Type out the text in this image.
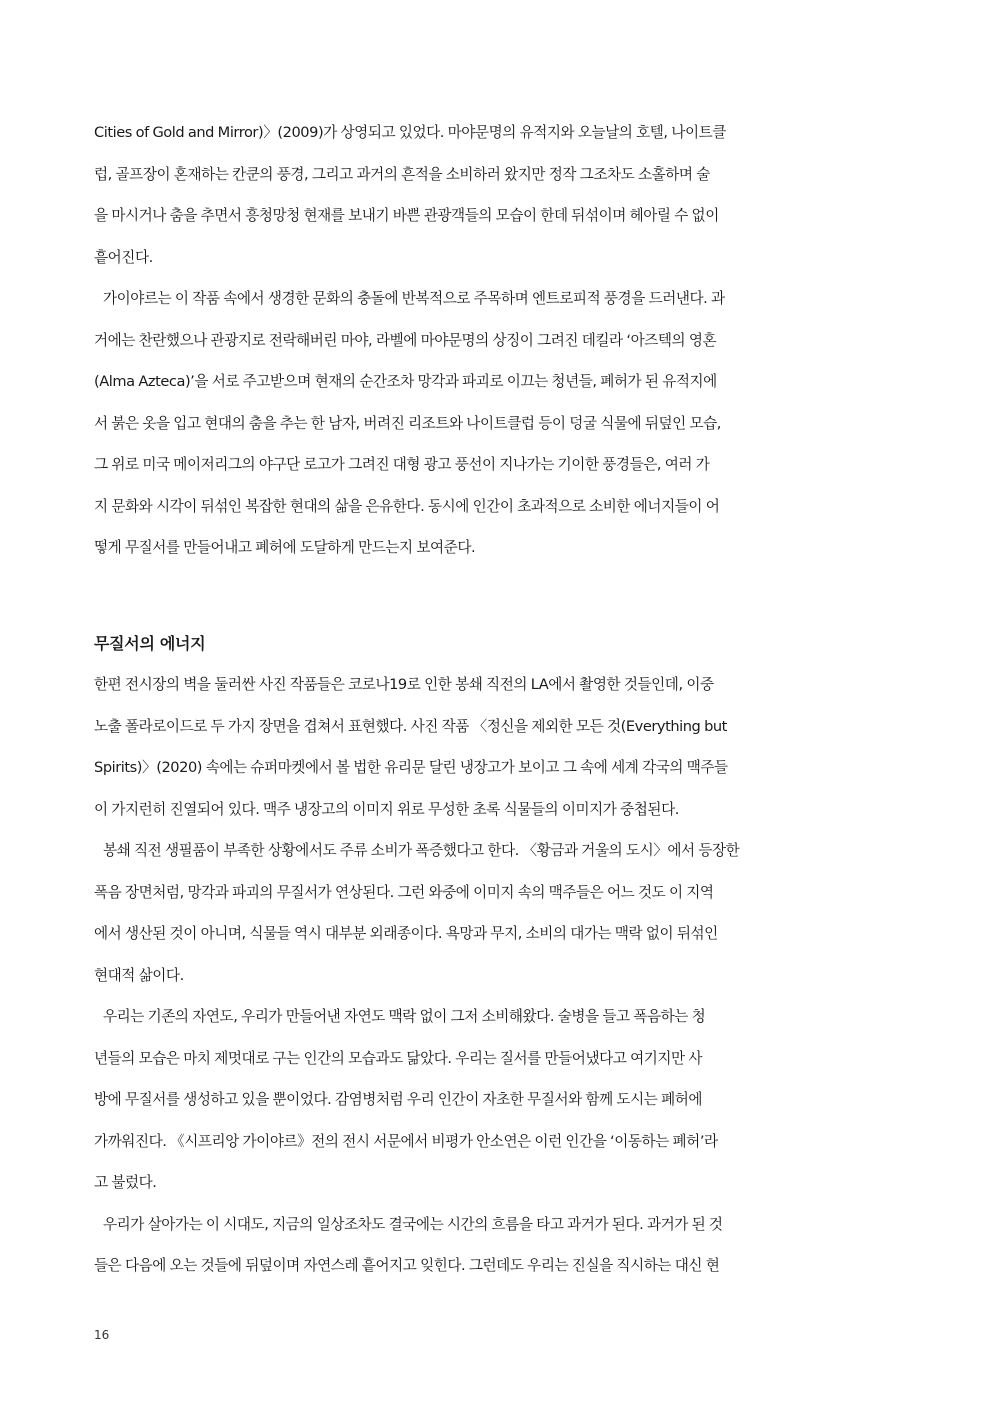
Cities of Gold and Mirror)〉(2009)가 상영되고 있었다. 마야문명의 유적지와 오늘날의 호텔, 나이트클
럽, 골프장이 혼재하는 칸쿤의 풍경, 그리고 과거의 흔적을 소비하러 왔지만 정작 그조차도 소홀하며 술
을 마시거나 춤을 추면서 흥청망청 현재를 보내기 바쁜 관광객들의 모습이 한데 뒤섞이며 헤아릴 수 없이
흩어진다.
가이야르는 이 작품 속에서 생경한 문화의 충돌에 반복적으로 주목하며 엔트로피적 풍경을 드러낸다. 과
거에는 찬란했으나 관광지로 전락해버린 마야, 라벨에 마야문명의 상징이 그려진 데킬라 ‘아즈텍의 영혼
(Alma Azteca)’을 서로 주고받으며 현재의 순간조차 망각과 파괴로 이끄는 청년들, 폐허가 된 유적지에
서 붉은 옷을 입고 현대의 춤을 추는 한 남자, 버려진 리조트와 나이트클럽 등이 덩굴 식물에 뒤덮인 모습,
그 위로 미국 메이저리그의 야구단 로고가 그려진 대형 광고 풍선이 지나가는 기이한 풍경들은, 여러 가
지 문화와 시각이 뒤섞인 복잡한 현대의 삶을 은유한다. 동시에 인간이 초과적으로 소비한 에너지들이 어
떻게 무질서를 만들어내고 폐허에 도달하게 만드는지 보여준다.
무질서의 에너지
한편 전시장의 벽을 둘러싼 사진 작품들은 코로나19로 인한 봉쇄 직전의 LA에서 촬영한 것들인데, 이중
노출 폴라로이드로 두 가지 장면을 겹쳐서 표현했다. 사진 작품 〈정신을 제외한 모든 것(Everything but
Spirits)〉(2020) 속에는 슈퍼마켓에서 볼 법한 유리문 달린 냉장고가 보이고 그 속에 세계 각국의 맥주들
이 가지런히 진열되어 있다. 맥주 냉장고의 이미지 위로 무성한 초록 식물들의 이미지가 중첩된다.
봉쇄 직전 생필품이 부족한 상황에서도 주류 소비가 폭증했다고 한다. 〈황금과 거울의 도시〉에서 등장한
폭음 장면처럼, 망각과 파괴의 무질서가 연상된다. 그런 와중에 이미지 속의 맥주들은 어느 것도 이 지역
에서 생산된 것이 아니며, 식물들 역시 대부분 외래종이다. 욕망과 무지, 소비의 대가는 맥락 없이 뒤섞인
현대적 삶이다.
우리는 기존의 자연도, 우리가 만들어낸 자연도 맥락 없이 그저 소비해왔다. 술병을 들고 폭음하는 청
년들의 모습은 마치 제멋대로 구는 인간의 모습과도 닮았다. 우리는 질서를 만들어냈다고 여기지만 사
방에 무질서를 생성하고 있을 뿐이었다. 감염병처럼 우리 인간이 자초한 무질서와 함께 도시는 폐허에
가까워진다. 《시프리앙 가이야르》전의 전시 서문에서 비평가 안소연은 이런 인간을 ‘이동하는 폐허’라
고 불렀다.
우리가 살아가는 이 시대도, 지금의 일상조차도 결국에는 시간의 흐름을 타고 과거가 된다. 과거가 된 것
들은 다음에 오는 것들에 뒤덮이며 자연스레 흩어지고 잊힌다. 그런데도 우리는 진실을 직시하는 대신 현
16
